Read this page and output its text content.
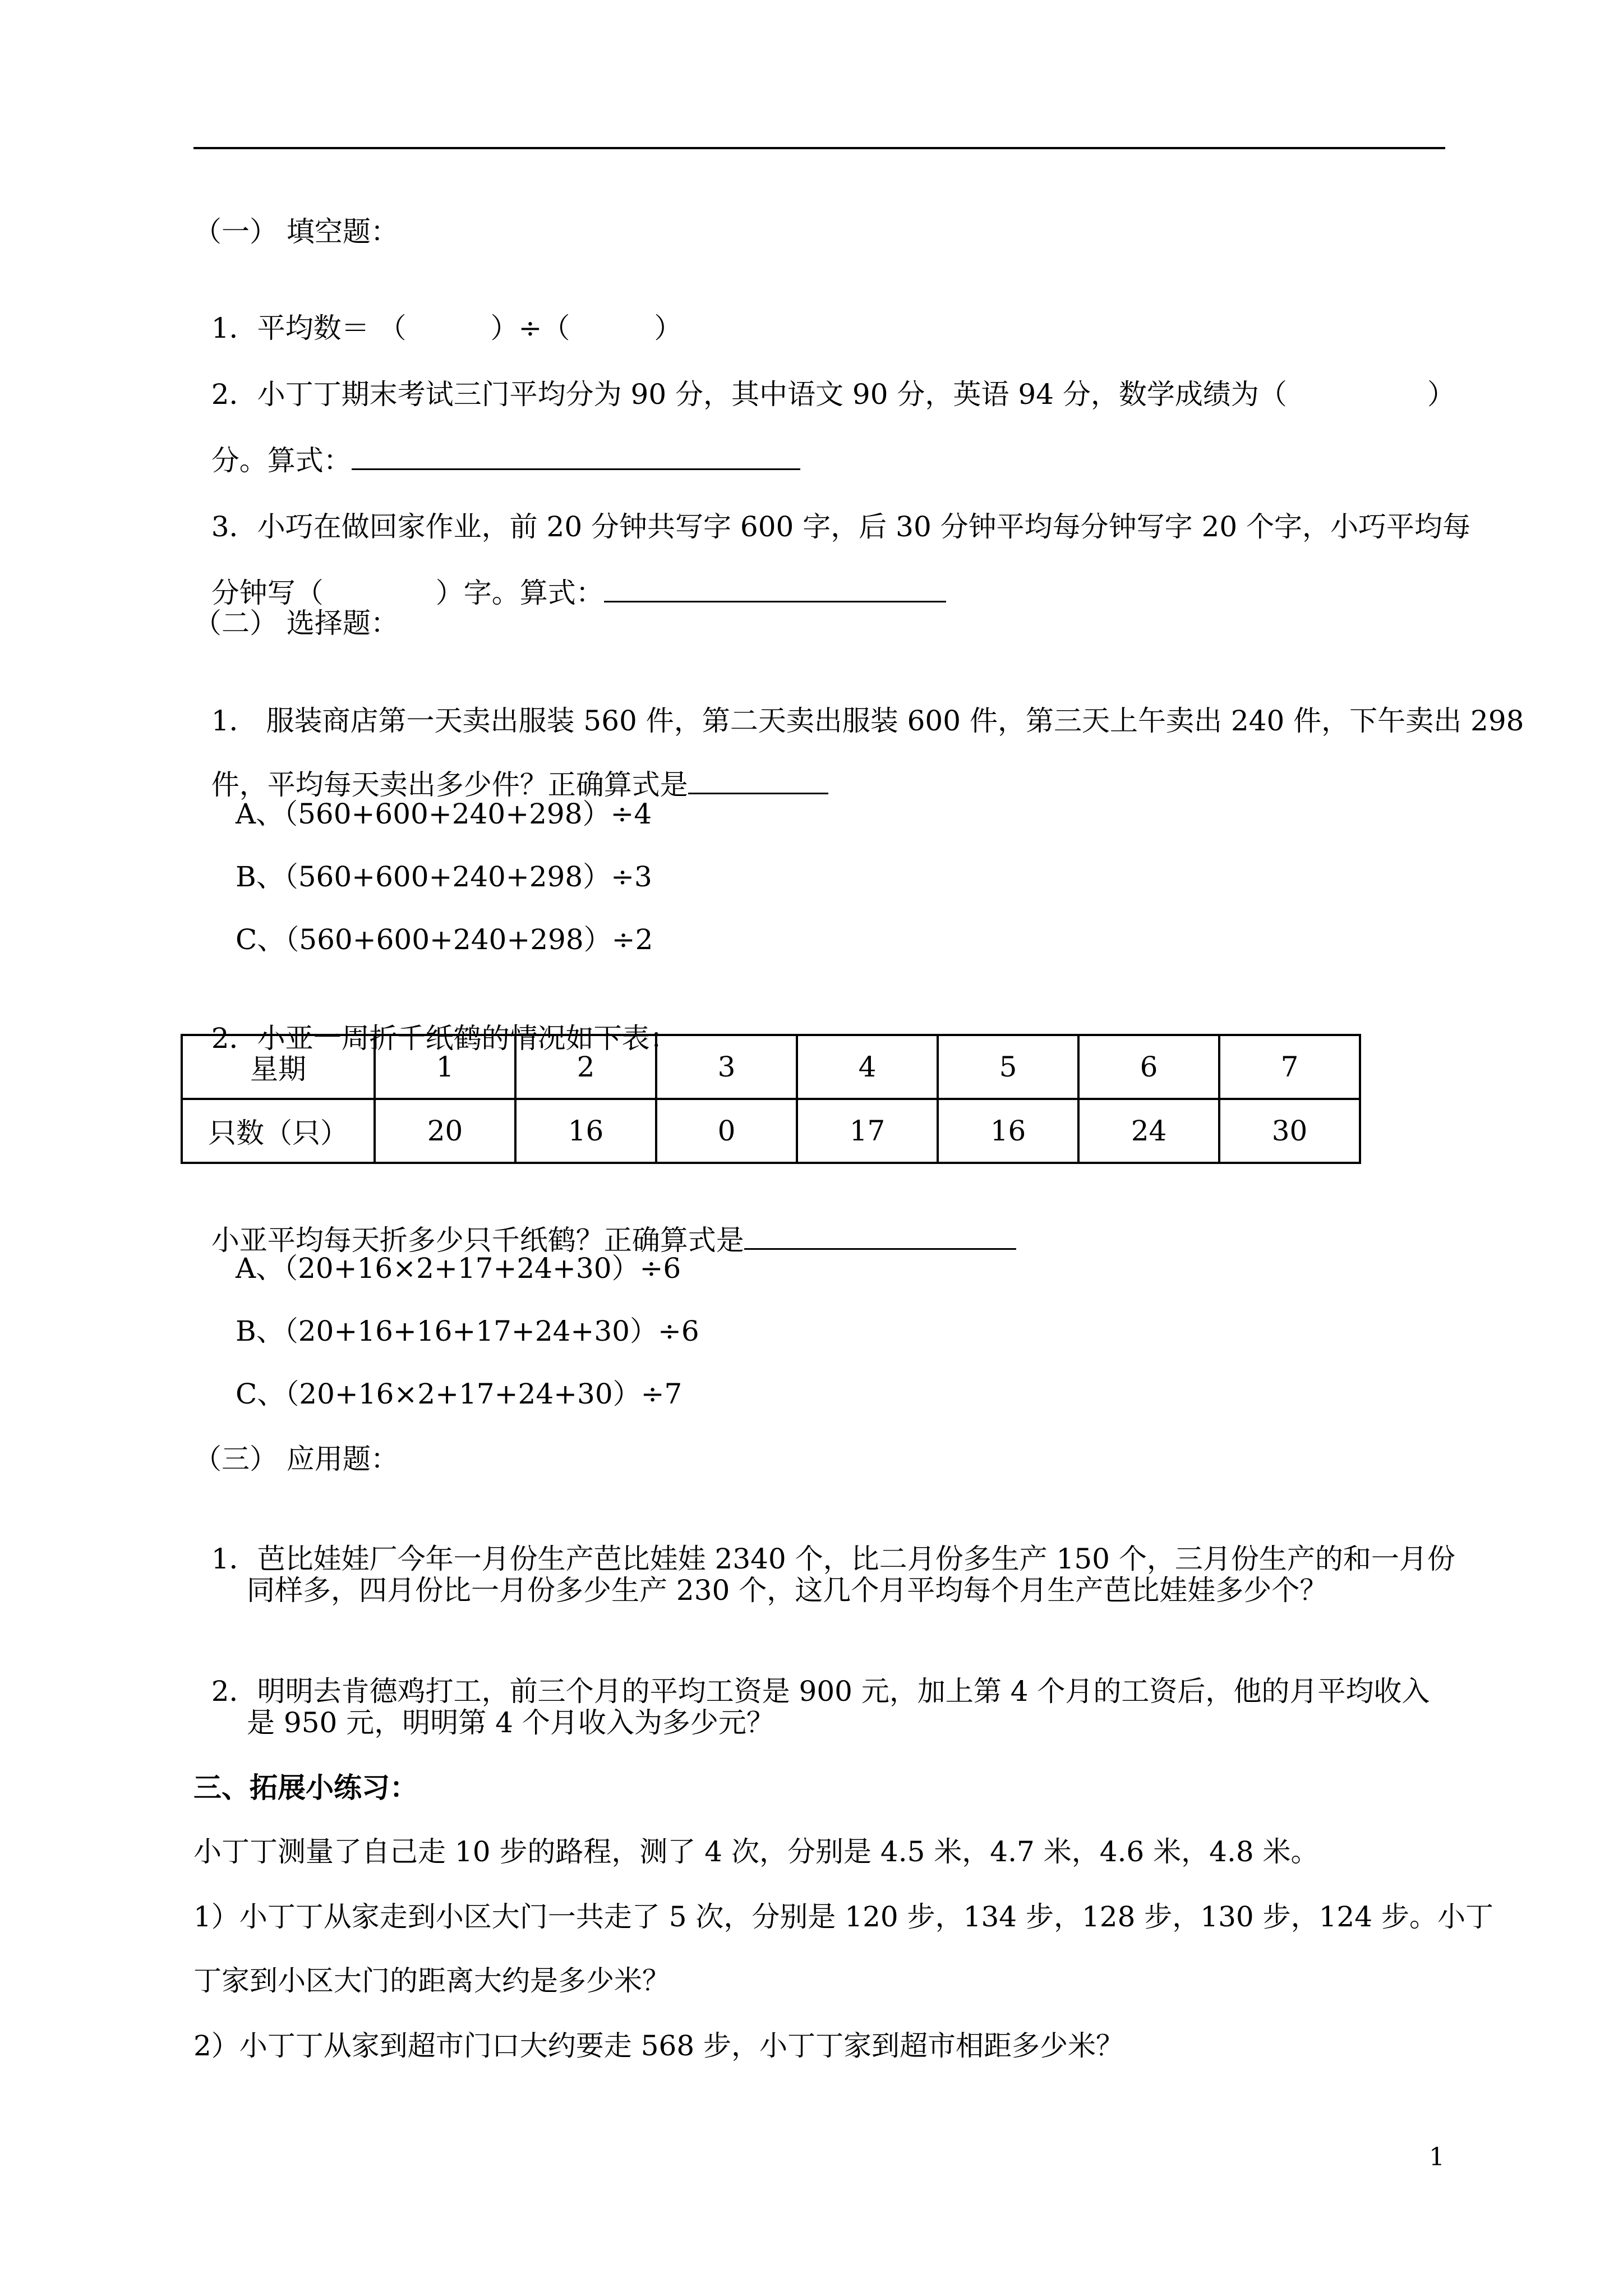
（一） 填空题：

1．平均数＝ （　　　）÷（　　　）

2．小丁丁期末考试三门平均分为 90 分，其中语文 90 分，英语 94 分，数学成绩为（　　　　　）

分。算式：

3．小巧在做回家作业，前 20 分钟共写字 600 字，后 30 分钟平均每分钟写字 20 个字，小巧平均每

分钟写（　　　　）字。算式：

（二） 选择题：

1． 服装商店第一天卖出服装 560 件，第二天卖出服装 600 件，第三天上午卖出 240 件，下午卖出 298

件，平均每天卖出多少件？正确算式是

A、（560+600+240+298）÷4
B、（560+600+240+298）÷3
C、（560+600+240+298）÷2

2．小亚一周折千纸鹤的情况如下表：

星期	1	2	3	4	5	6	7
只数（只）	20	16	0	17	16	24	30

小亚平均每天折多少只千纸鹤？正确算式是

A、（20+16×2+17+24+30）÷6
B、（20+16+16+17+24+30）÷6
C、（20+16×2+17+24+30）÷7
（三） 应用题：

1．芭比娃娃厂今年一月份生产芭比娃娃 2340 个，比二月份多生产 150 个，三月份生产的和一月份

同样多，四月份比一月份多少生产 230 个，这几个月平均每个月生产芭比娃娃多少个？

2．明明去肯德鸡打工，前三个月的平均工资是 900 元，加上第 4 个月的工资后，他的月平均收入

是 950 元，明明第 4 个月收入为多少元？
三、拓展小练习：
小丁丁测量了自己走 10 步的路程，测了 4 次，分别是 4.5 米，4.7 米，4.6 米，4.8 米。
1）小丁丁从家走到小区大门一共走了 5 次，分别是 120 步，134 步，128 步，130 步，124 步。小丁
丁家到小区大门的距离大约是多少米？
2）小丁丁从家到超市门口大约要走 568 步，小丁丁家到超市相距多少米？
1
